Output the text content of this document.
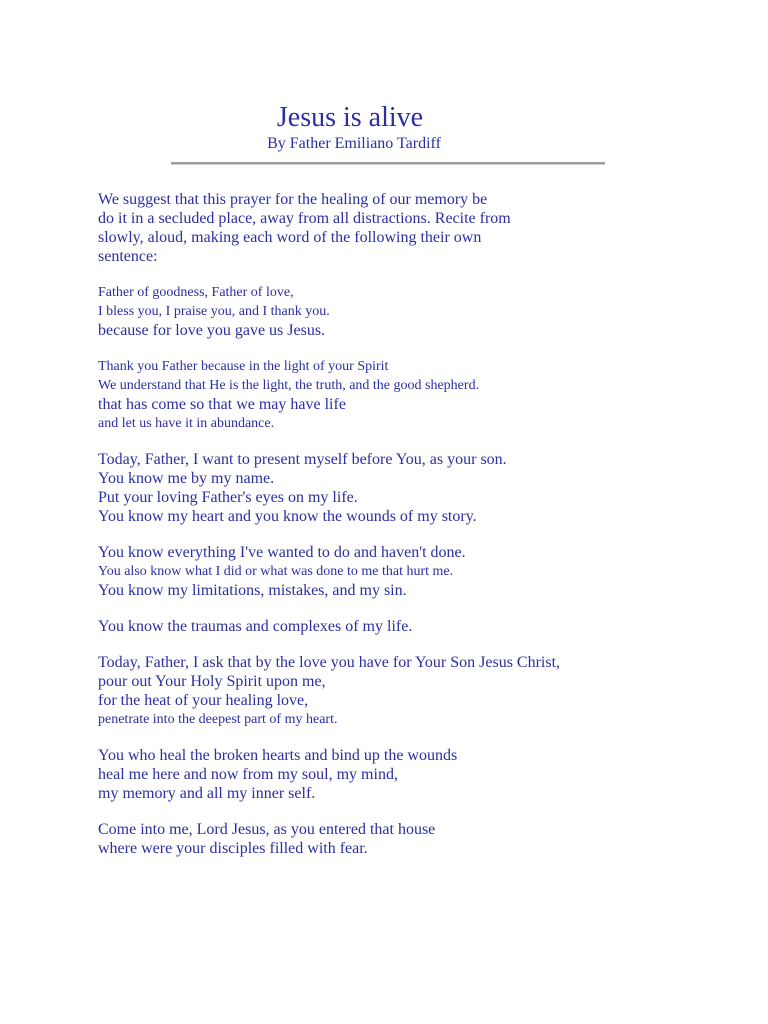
Jesus is alive
By Father Emiliano Tardiff
We suggest that this prayer for the healing of our memory be
do it in a secluded place, away from all distractions. Recite from
slowly, aloud, making each word of the following their own
sentence:
Father of goodness, Father of love,
I bless you, I praise you, and I thank you.
because for love you gave us Jesus.
Thank you Father because in the light of your Spirit
We understand that He is the light, the truth, and the good shepherd.
that has come so that we may have life
and let us have it in abundance.
Today, Father, I want to present myself before You, as your son.
You know me by my name.
Put your loving Father's eyes on my life.
You know my heart and you know the wounds of my story.
You know everything I've wanted to do and haven't done.
You also know what I did or what was done to me that hurt me.
You know my limitations, mistakes, and my sin.
You know the traumas and complexes of my life.
Today, Father, I ask that by the love you have for Your Son Jesus Christ,
pour out Your Holy Spirit upon me,
for the heat of your healing love,
penetrate into the deepest part of my heart.
You who heal the broken hearts and bind up the wounds
heal me here and now from my soul, my mind,
my memory and all my inner self.
Come into me, Lord Jesus, as you entered that house
where were your disciples filled with fear.
